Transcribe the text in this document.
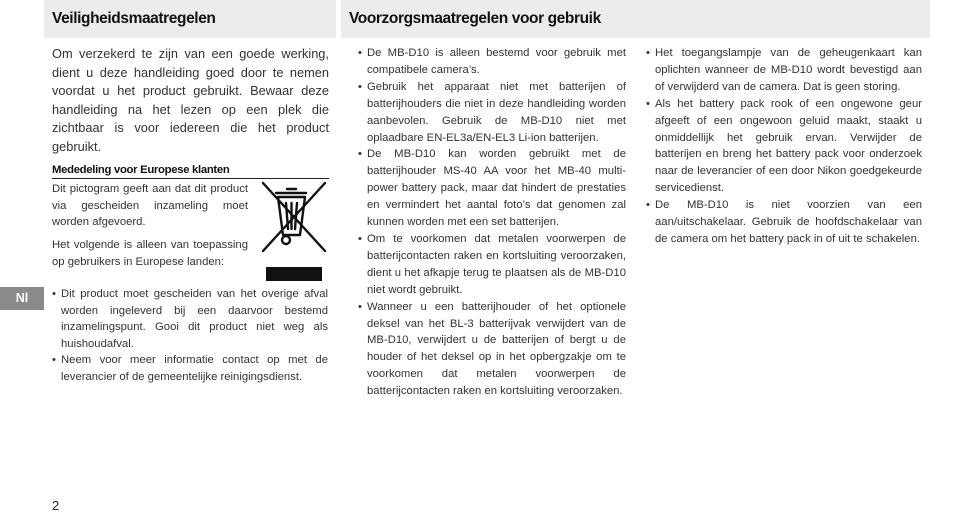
Veiligheidsmaatregelen	Voorzorgsmaatregelen voor gebruik

Om verzekerd te zijn van een goede werking, dient u deze handleiding goed door te nemen voordat u het product gebruikt. Bewaar deze handleiding na het lezen op een plek die zichtbaar is voor iedereen die het product gebruikt.

Mededeling voor Europese klanten

Dit pictogram geeft aan dat dit product via gescheiden inzameling moet worden afgevoerd.

Het volgende is alleen van toepassing op gebruikers in Europese landen:

• Dit product moet gescheiden van het overige afval worden ingeleverd bij een daarvoor bestemd inzamelingspunt. Gooi dit product niet weg als huishoudafval.
• Neem voor meer informatie contact op met de leverancier of de gemeentelijke reinigingsdienst.
• De MB-D10 is alleen bestemd voor gebruik met compatibele camera’s.
• Gebruik het apparaat niet met batterijen of batterijhouders die niet in deze handleiding worden aanbevolen. Gebruik de MB-D10 niet met oplaadbare EN-EL3a/EN-EL3 Li-ion batterijen.
• De MB-D10 kan worden gebruikt met de batterijhouder MS-40 AA voor het MB-40 multi-power battery pack, maar dat hindert de prestaties en vermindert het aantal foto’s dat genomen zal kunnen worden met een set batterijen.
• Om te voorkomen dat metalen voorwerpen de batterijcontacten raken en kortsluiting veroorzaken, dient u het afkapje terug te plaatsen als de MB-D10 niet wordt gebruikt.
• Wanneer u een batterijhouder of het optionele deksel van het BL-3 batterijvak verwijdert van de MB-D10, verwijdert u de batterijen of bergt u de houder of het deksel op in het opbergzakje om te voorkomen dat metalen voorwerpen de batterijcontacten raken en kortsluiting veroorzaken.
• Het toegangslampje van de geheugenkaart kan oplichten wanneer de MB-D10 wordt bevestigd aan of verwijderd van de camera. Dat is geen storing.
• Als het battery pack rook of een ongewone geur afgeeft of een ongewoon geluid maakt, staakt u onmiddellijk het gebruik ervan. Verwijder de batterijen en breng het battery pack voor onderzoek naar de leverancier of een door Nikon goedgekeurde servicedienst.
• De MB-D10 is niet voorzien van een aan/uitschakelaar. Gebruik de hoofdschakelaar van de camera om het battery pack in of uit te schakelen.
Nl
2
